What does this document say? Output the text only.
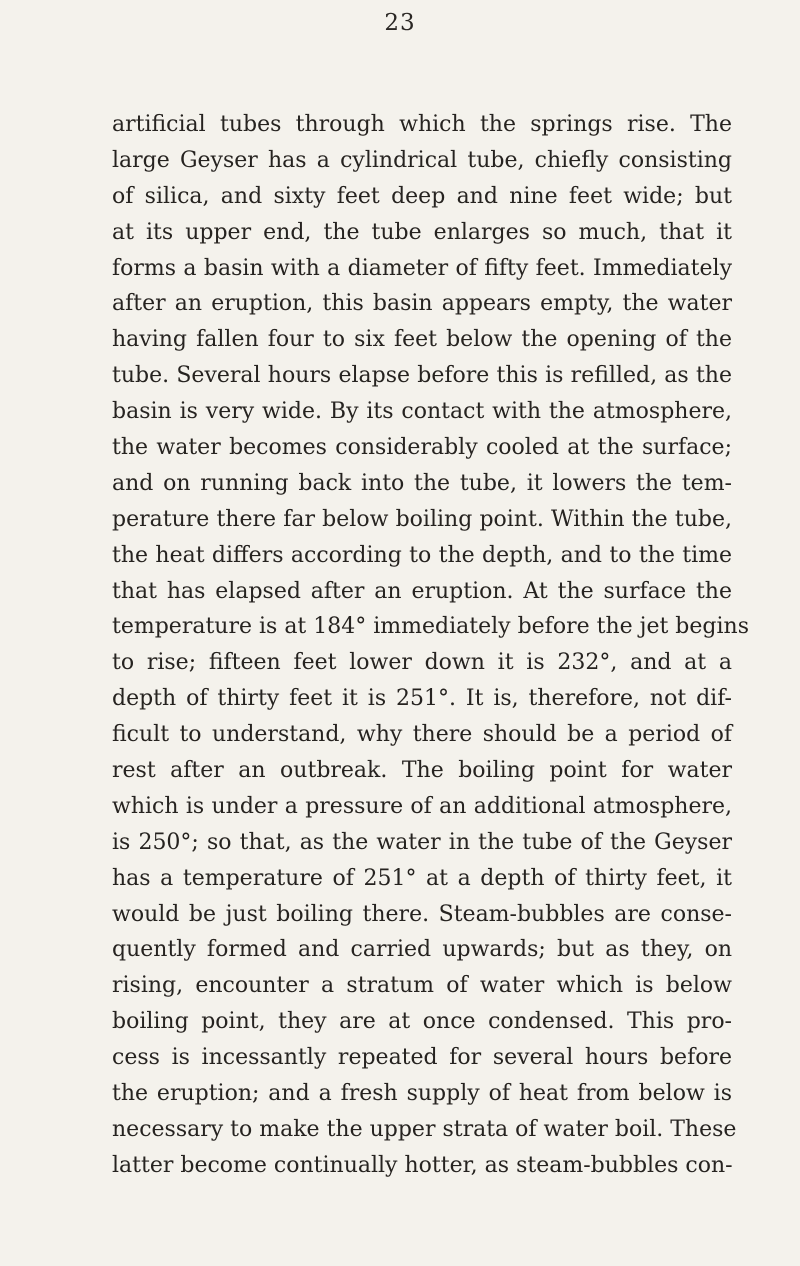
23
artificial tubes through which the springs rise. The
large Geyser has a cylindrical tube, chiefly consisting
of silica, and sixty feet deep and nine feet wide; but
at its upper end, the tube enlarges so much, that it
forms a basin with a diameter of fifty feet. Immediately
after an eruption, this basin appears empty, the water
having fallen four to six feet below the opening of the
tube. Several hours elapse before this is refilled, as the
basin is very wide. By its contact with the atmosphere,
the water becomes considerably cooled at the surface;
and on running back into the tube, it lowers the tem-
perature there far below boiling point. Within the tube,
the heat differs according to the depth, and to the time
that has elapsed after an eruption. At the surface the
temperature is at 184° immediately before the jet begins
to rise; fifteen feet lower down it is 232°, and at a
depth of thirty feet it is 251°. It is, therefore, not dif-
ficult to understand, why there should be a period of
rest after an outbreak. The boiling point for water
which is under a pressure of an additional atmosphere,
is 250°; so that, as the water in the tube of the Geyser
has a temperature of 251° at a depth of thirty feet, it
would be just boiling there. Steam-bubbles are conse-
quently formed and carried upwards; but as they, on
rising, encounter a stratum of water which is below
boiling point, they are at once condensed. This pro-
cess is incessantly repeated for several hours before
the eruption; and a fresh supply of heat from below is
necessary to make the upper strata of water boil. These
latter become continually hotter, as steam-bubbles con-
